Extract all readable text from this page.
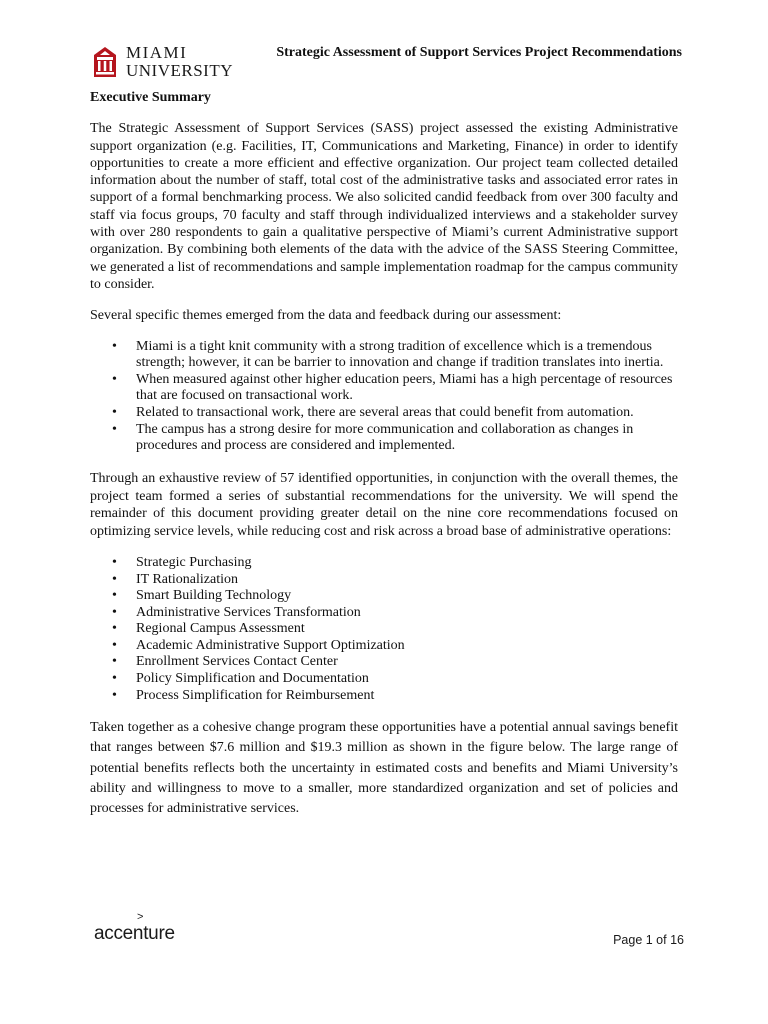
MIAMI
UNIVERSITY
Strategic Assessment of Support Services Project Recommendations
Executive Summary

The Strategic Assessment of Support Services (SASS) project assessed the existing Administrative support organization (e.g. Facilities, IT, Communications and Marketing, Finance) in order to identify opportunities to create a more efficient and effective organization. Our project team collected detailed information about the number of staff, total cost of the administrative tasks and associated error rates in support of a formal benchmarking process. We also solicited candid feedback from over 300 faculty and staff via focus groups, 70 faculty and staff through individualized interviews and a stakeholder survey with over 280 respondents to gain a qualitative perspective of Miami’s current Administrative support organization. By combining both elements of the data with the advice of the SASS Steering Committee, we generated a list of recommendations and sample implementation roadmap for the campus community to consider.

Several specific themes emerged from the data and feedback during our assessment:

• Miami is a tight knit community with a strong tradition of excellence which is a tremendous strength; however, it can be barrier to innovation and change if tradition translates into inertia.
• When measured against other higher education peers, Miami has a high percentage of resources that are focused on transactional work.
• Related to transactional work, there are several areas that could benefit from automation.
• The campus has a strong desire for more communication and collaboration as changes in procedures and process are considered and implemented.

Through an exhaustive review of 57 identified opportunities, in conjunction with the overall themes, the project team formed a series of substantial recommendations for the university. We will spend the remainder of this document providing greater detail on the nine core recommendations focused on optimizing service levels, while reducing cost and risk across a broad base of administrative operations:

• Strategic Purchasing
• IT Rationalization
• Smart Building Technology
• Administrative Services Transformation
• Regional Campus Assessment
• Academic Administrative Support Optimization
• Enrollment Services Contact Center
• Policy Simplification and Documentation
• Process Simplification for Reimbursement

Taken together as a cohesive change program these opportunities have a potential annual savings benefit that ranges between $7.6 million and $19.3 million as shown in the figure below. The large range of potential benefits reflects both the uncertainty in estimated costs and benefits and Miami University’s ability and willingness to move to a smaller, more standardized organization and set of policies and processes for administrative services.

>
accenture	Page 1 of 16
